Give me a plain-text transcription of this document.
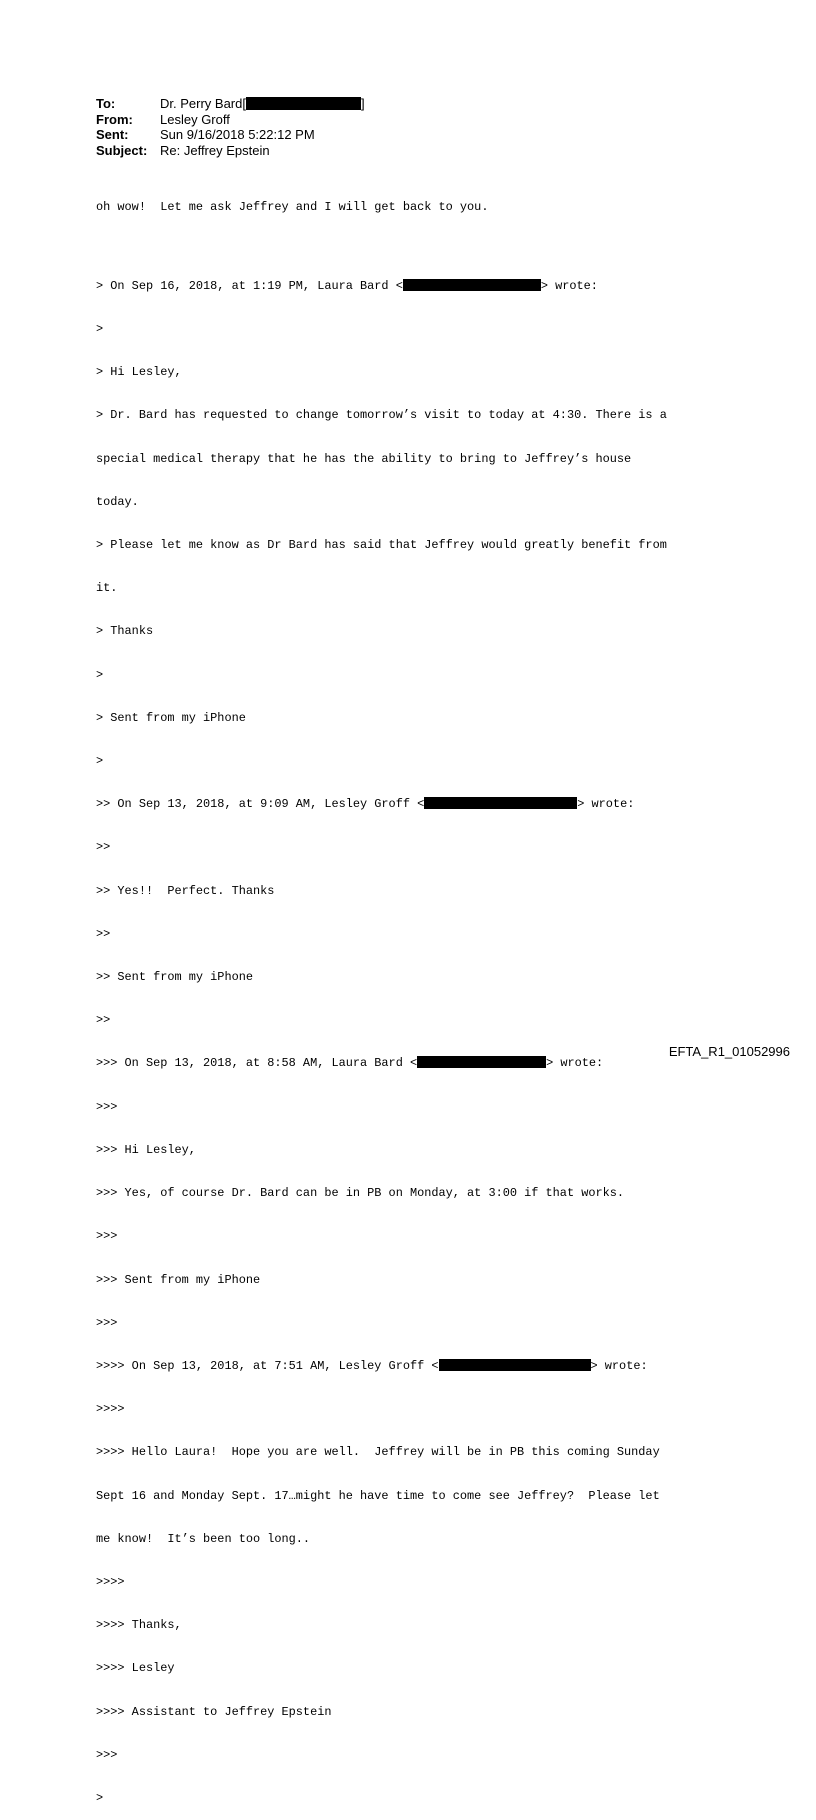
To:	Dr. Perry Bard[	]
From:	Lesley Groff
Sent:	Sun 9/16/2018 5:22:12 PM
Subject: Re: Jeffrey Epstein

oh wow!  Let me ask Jeffrey and I will get back to you.

> On Sep 16, 2018, at 1:19 PM, Laura Bard <	> wrote:

>

> Hi Lesley,

> Dr. Bard has requested to change tomorrow’s visit to today at 4:30. There is a

special medical therapy that he has the ability to bring to Jeffrey’s house

today.

> Please let me know as Dr Bard has said that Jeffrey would greatly benefit from

it.

> Thanks

>

> Sent from my iPhone

>

>> On Sep 13, 2018, at 9:09 AM, Lesley Groff <	> wrote:

>>

>> Yes!!  Perfect. Thanks

>>

>> Sent from my iPhone

>>

>>> On Sep 13, 2018, at 8:58 AM, Laura Bard <	> wrote:

>>>

>>> Hi Lesley,

>>> Yes, of course Dr. Bard can be in PB on Monday, at 3:00 if that works.

>>>

>>> Sent from my iPhone

>>>

>>>> On Sep 13, 2018, at 7:51 AM, Lesley Groff <	> wrote:

>>>>

>>>> Hello Laura!  Hope you are well.  Jeffrey will be in PB this coming Sunday

Sept 16 and Monday Sept. 17…might he have time to come see Jeffrey?  Please let

me know!  It’s been too long..

>>>>

>>>> Thanks,

>>>> Lesley

>>>> Assistant to Jeffrey Epstein

>>>

>

EFTA_R1_01052996
